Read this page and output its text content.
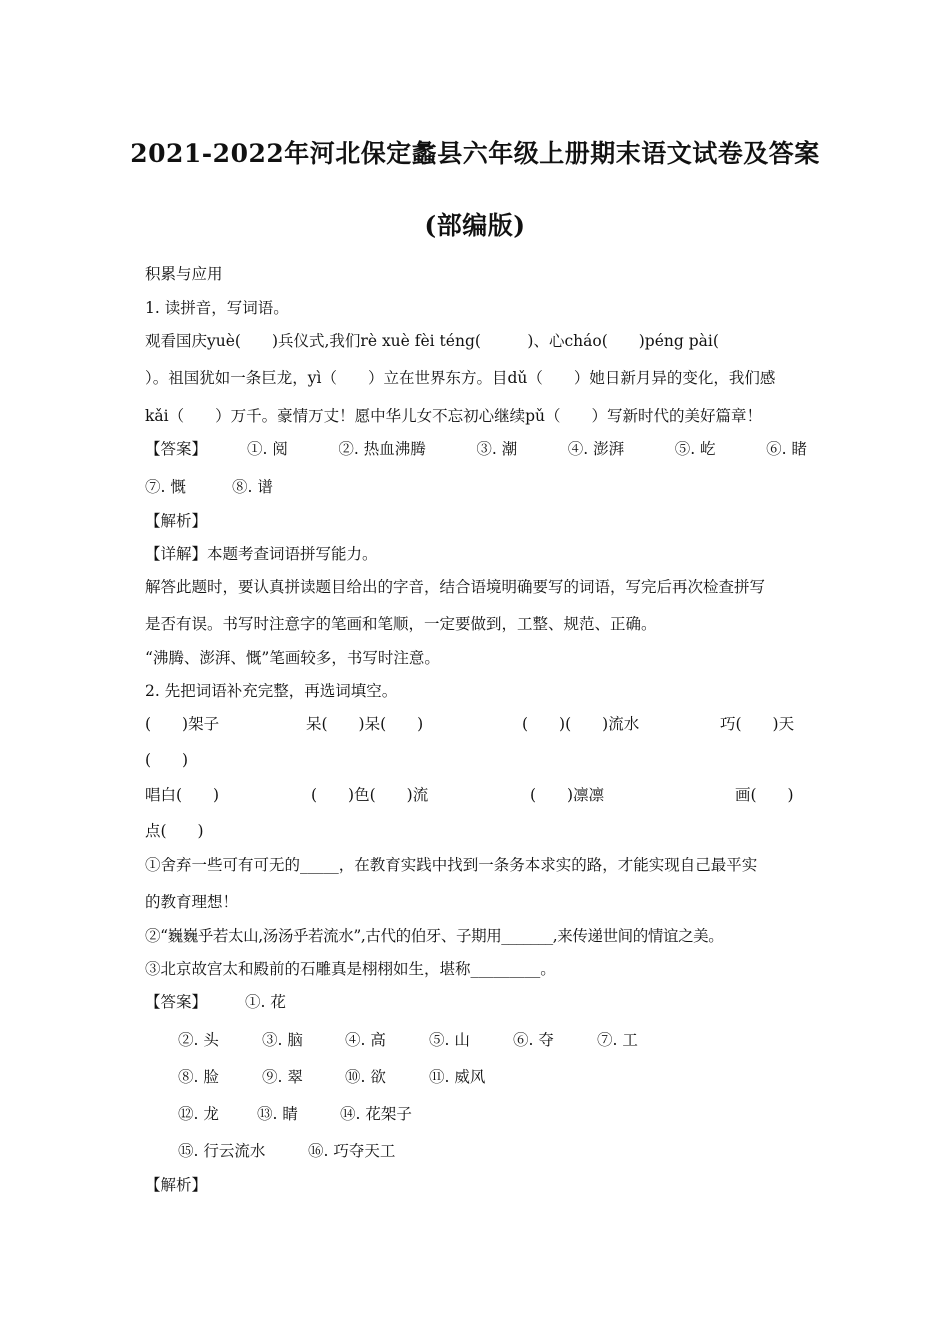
2021-2022年河北保定蠡县六年级上册期末语文试卷及答案
(部编版)
积累与应用
1. 读拼音，写词语。
观看国庆yuè(　　)兵仪式,我们rè xuè fèi téng(　　　)、心cháo(　　)péng pài(
）。祖国犹如一条巨龙，yì（　　）立在世界东方。目dǔ（　　）她日新月异的变化，我们感
kǎi（　　）万千。豪情万丈！愿中华儿女不忘初心继续pǔ（　　）写新时代的美好篇章！
【答案】	①. 阅	②. 热血沸腾	③. 潮	④. 澎湃	⑤. 屹	⑥. 睹
⑦. 慨	⑧. 谱
【解析】
【详解】本题考查词语拼写能力。
解答此题时，要认真拼读题目给出的字音，结合语境明确要写的词语，写完后再次检查拼写
是否有误。书写时注意字的笔画和笔顺，一定要做到，工整、规范、正确。
“沸腾、澎湃、慨”笔画较多，书写时注意。
2. 先把词语补充完整，再选词填空。
(　　)架子	呆(　　)呆(　　)	(　　)(　　)流水	巧(　　)天
(　　)
唱白(　　)	(　　)色(　　)流	(　　)凛凛	画(　　)
点(　　)
①舍弃一些可有可无的_____，在教育实践中找到一条务本求实的路，才能实现自己最平实
的教育理想！
②“巍巍乎若太山,汤汤乎若流水”,古代的伯牙、子期用_______,来传递世间的情谊之美。
③北京故宫太和殿前的石雕真是栩栩如生，堪称_________。
【答案】 ①. 花
②. 头	③. 脑	④. 高	⑤. 山	⑥. 夺	⑦. 工
⑧. 脸	⑨. 翠	⑩. 欲	⑪. 威风
⑫. 龙 ⑬. 睛	⑭. 花架子
⑮. 行云流水	⑯. 巧夺天工
【解析】
